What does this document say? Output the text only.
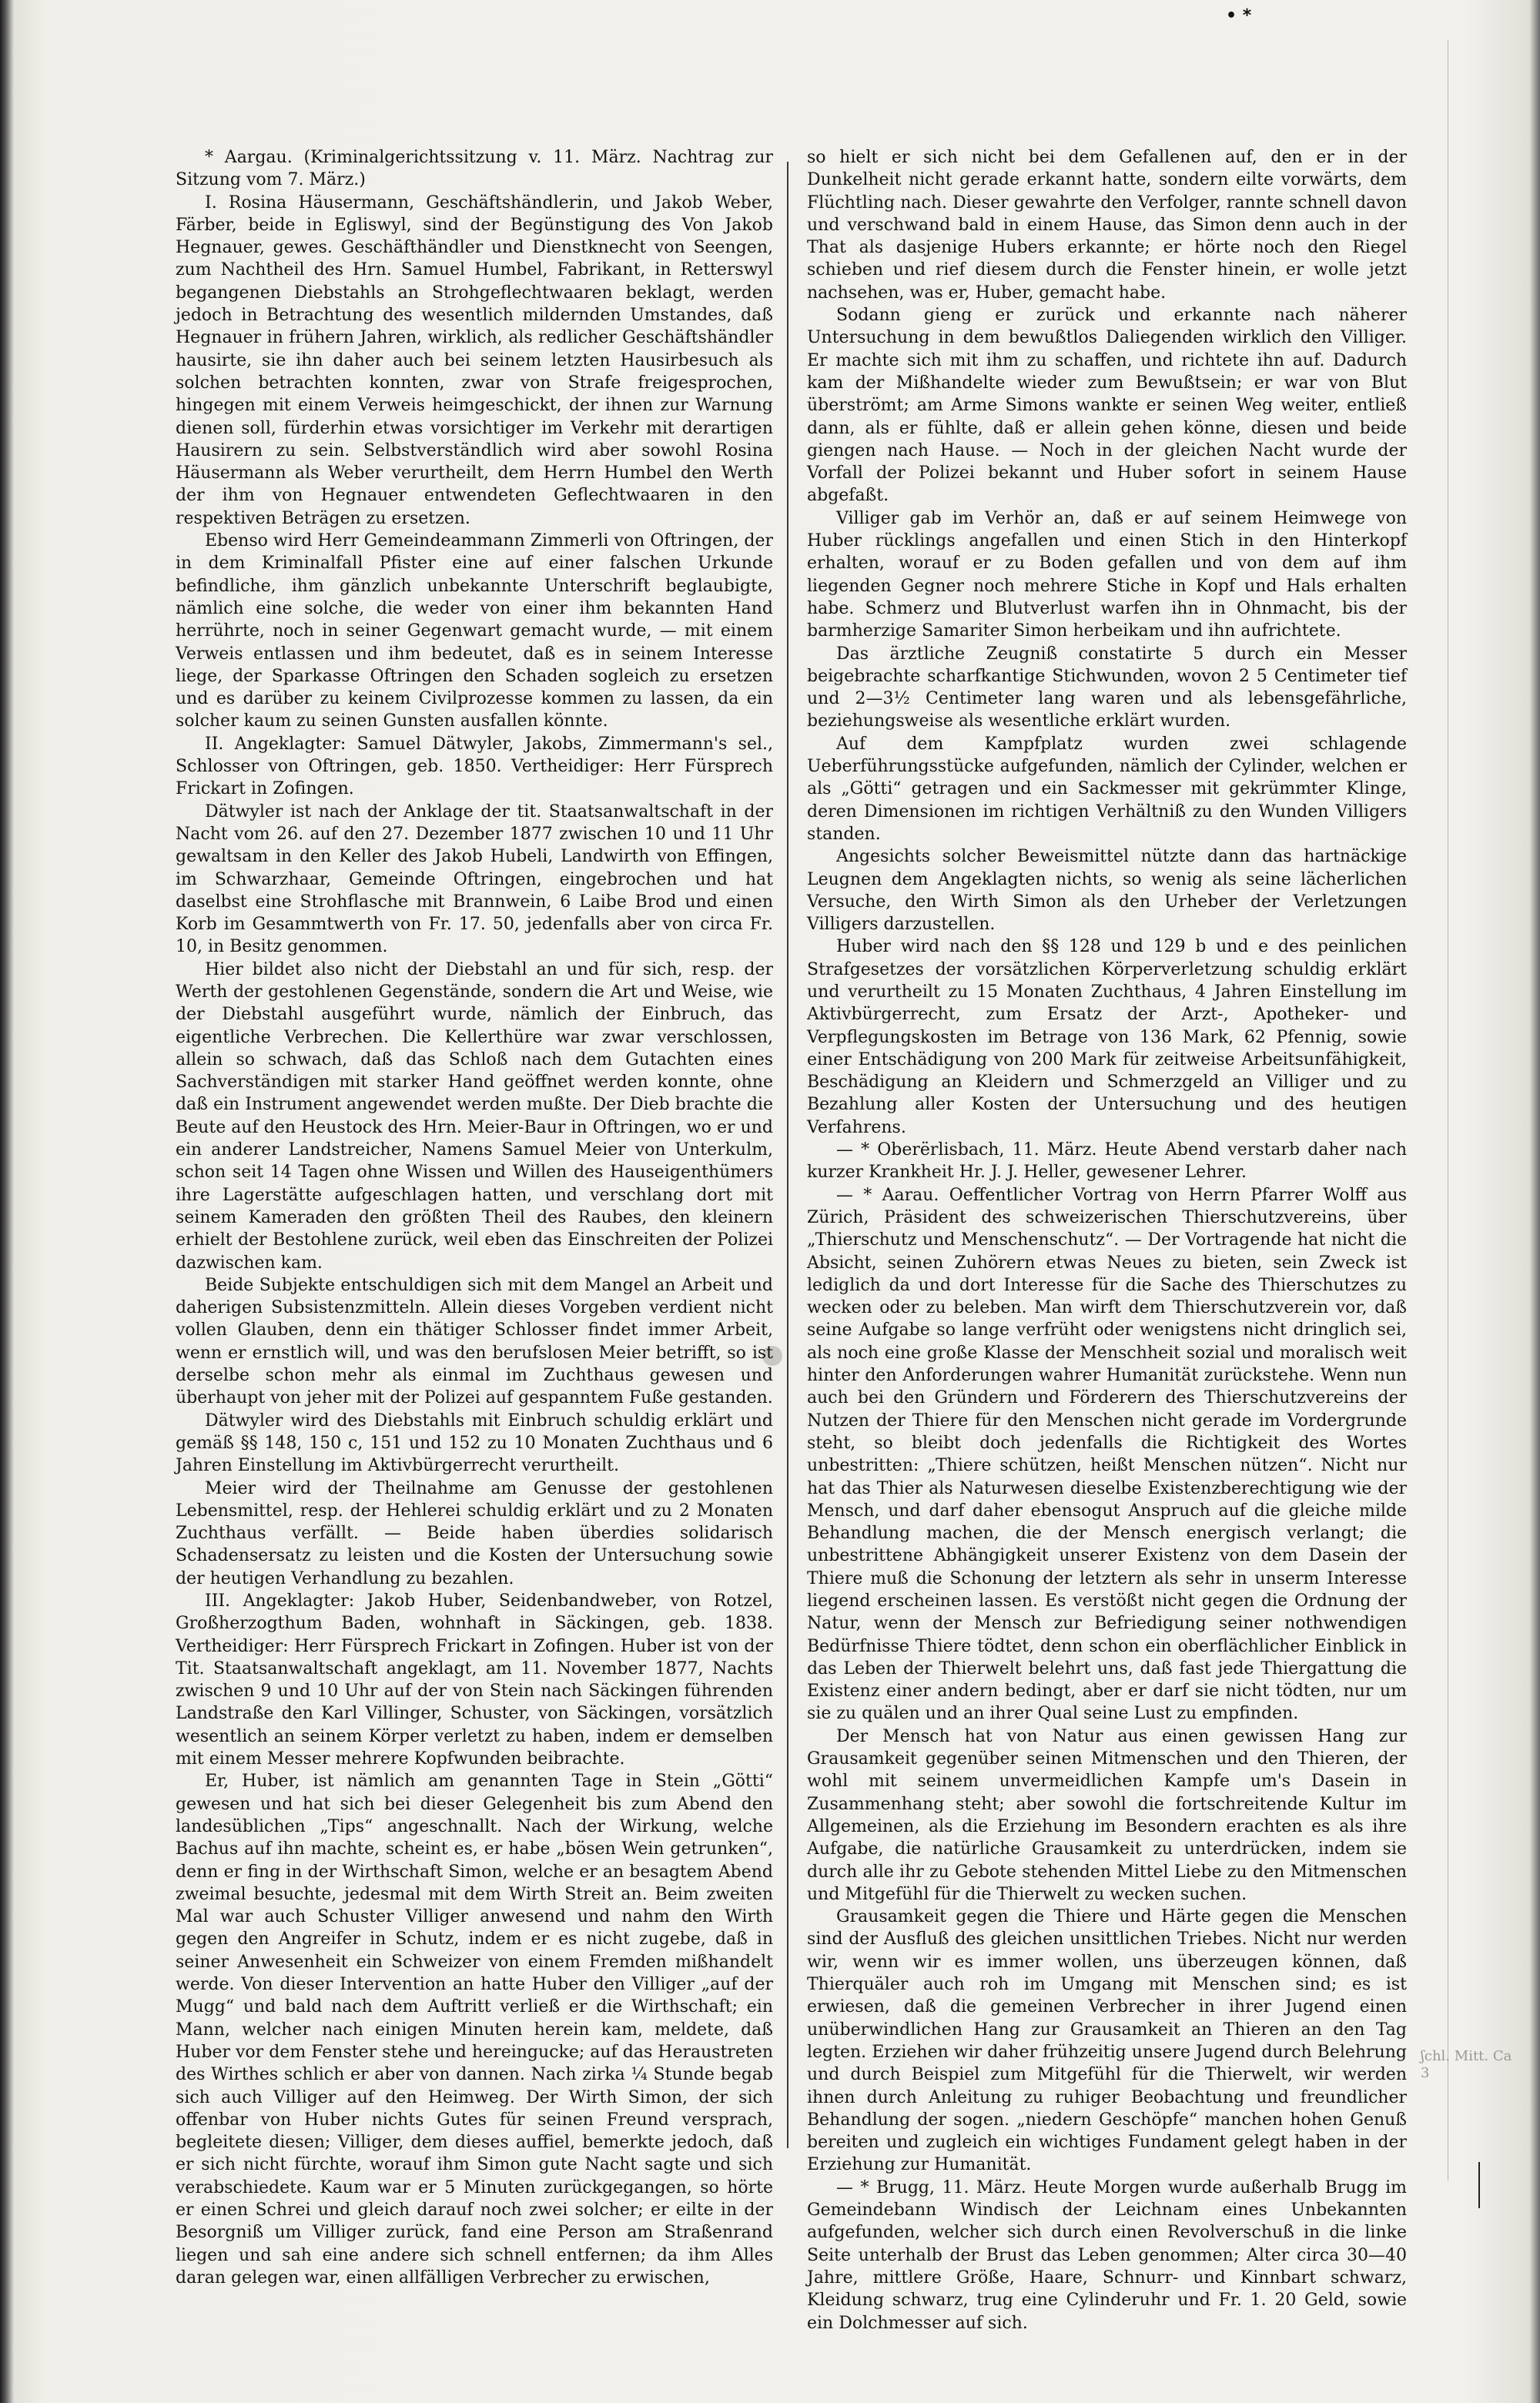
• *
ʃchl. Mitt. Ca 3

* Aargau. (Kriminalgerichtssitzung v. 11. März. Nachtrag zur Sitzung vom 7. März.)

I. Rosina Häusermann, Geschäftshändlerin, und Jakob Weber, Färber, beide in Egliswyl, sind der Begünstigung des Von Jakob Hegnauer, gewes. Geschäfthändler und Dienstknecht von Seengen, zum Nachtheil des Hrn. Samuel Humbel, Fabrikant, in Retterswyl begangenen Diebstahls an Strohgeflechtwaaren beklagt, werden jedoch in Betrachtung des wesentlich mildernden Umstandes, daß Hegnauer in frühern Jahren, wirklich, als redlicher Geschäftshändler hausirte, sie ihn daher auch bei seinem letzten Hausirbesuch als solchen betrachten konnten, zwar von Strafe freigesprochen, hingegen mit einem Verweis heimgeschickt, der ihnen zur Warnung dienen soll, fürderhin etwas vorsichtiger im Verkehr mit derartigen Hausirern zu sein. Selbstverständlich wird aber sowohl Rosina Häusermann als Weber verurtheilt, dem Herrn Humbel den Werth der ihm von Hegnauer entwendeten Geflechtwaaren in den respektiven Beträgen zu ersetzen.

Ebenso wird Herr Gemeindeammann Zimmerli von Oftringen, der in dem Kriminalfall Pfister eine auf einer falschen Urkunde befindliche, ihm gänzlich unbekannte Unterschrift beglaubigte, nämlich eine solche, die weder von einer ihm bekannten Hand herrührte, noch in seiner Gegenwart gemacht wurde, — mit einem Verweis entlassen und ihm bedeutet, daß es in seinem Interesse liege, der Sparkasse Oftringen den Schaden sogleich zu ersetzen und es darüber zu keinem Civilprozesse kommen zu lassen, da ein solcher kaum zu seinen Gunsten ausfallen könnte.

II. Angeklagter: Samuel Dätwyler, Jakobs, Zimmermann's sel., Schlosser von Oftringen, geb. 1850. Vertheidiger: Herr Fürsprech Frickart in Zofingen.

Dätwyler ist nach der Anklage der tit. Staatsanwaltschaft in der Nacht vom 26. auf den 27. Dezember 1877 zwischen 10 und 11 Uhr gewaltsam in den Keller des Jakob Hubeli, Landwirth von Effingen, im Schwarzhaar, Gemeinde Oftringen, eingebrochen und hat daselbst eine Strohflasche mit Brannwein, 6 Laibe Brod und einen Korb im Gesammtwerth von Fr. 17. 50, jedenfalls aber von circa Fr. 10, in Besitz genommen.

Hier bildet also nicht der Diebstahl an und für sich, resp. der Werth der gestohlenen Gegenstände, sondern die Art und Weise, wie der Diebstahl ausgeführt wurde, nämlich der Einbruch, das eigentliche Verbrechen. Die Kellerthüre war zwar verschlossen, allein so schwach, daß das Schloß nach dem Gutachten eines Sachverständigen mit starker Hand geöffnet werden konnte, ohne daß ein Instrument angewendet werden mußte. Der Dieb brachte die Beute auf den Heustock des Hrn. Meier-Baur in Oftringen, wo er und ein anderer Landstreicher, Namens Samuel Meier von Unterkulm, schon seit 14 Tagen ohne Wissen und Willen des Hauseigenthümers ihre Lagerstätte aufgeschlagen hatten, und verschlang dort mit seinem Kameraden den größten Theil des Raubes, den kleinern erhielt der Bestohlene zurück, weil eben das Einschreiten der Polizei dazwischen kam.

Beide Subjekte entschuldigen sich mit dem Mangel an Arbeit und daherigen Subsistenzmitteln. Allein dieses Vorgeben verdient nicht vollen Glauben, denn ein thätiger Schlosser findet immer Arbeit, wenn er ernstlich will, und was den berufslosen Meier betrifft, so ist derselbe schon mehr als einmal im Zuchthaus gewesen und überhaupt von jeher mit der Polizei auf gespanntem Fuße gestanden.

Dätwyler wird des Diebstahls mit Einbruch schuldig erklärt und gemäß §§ 148, 150 c, 151 und 152 zu 10 Monaten Zuchthaus und 6 Jahren Einstellung im Aktivbürgerrecht verurtheilt.

Meier wird der Theilnahme am Genusse der gestohlenen Lebensmittel, resp. der Hehlerei schuldig erklärt und zu 2 Monaten Zuchthaus verfällt. — Beide haben überdies solidarisch Schadensersatz zu leisten und die Kosten der Untersuchung sowie der heutigen Verhandlung zu bezahlen.

III. Angeklagter: Jakob Huber, Seidenbandweber, von Rotzel, Großherzogthum Baden, wohnhaft in Säckingen, geb. 1838. Vertheidiger: Herr Fürsprech Frickart in Zofingen. Huber ist von der Tit. Staatsanwaltschaft angeklagt, am 11. November 1877, Nachts zwischen 9 und 10 Uhr auf der von Stein nach Säckingen führenden Landstraße den Karl Villinger, Schuster, von Säckingen, vorsätzlich wesentlich an seinem Körper verletzt zu haben, indem er demselben mit einem Messer mehrere Kopfwunden beibrachte.

Er, Huber, ist nämlich am genannten Tage in Stein „Götti“ gewesen und hat sich bei dieser Gelegenheit bis zum Abend den landesüblichen „Tips“ angeschnallt. Nach der Wirkung, welche Bachus auf ihn machte, scheint es, er habe „bösen Wein getrunken“, denn er fing in der Wirthschaft Simon, welche er an besagtem Abend zweimal besuchte, jedesmal mit dem Wirth Streit an. Beim zweiten Mal war auch Schuster Villiger anwesend und nahm den Wirth gegen den Angreifer in Schutz, indem er es nicht zugebe, daß in seiner Anwesenheit ein Schweizer von einem Fremden mißhandelt werde. Von dieser Intervention an hatte Huber den Villiger „auf der Mugg“ und bald nach dem Auftritt verließ er die Wirthschaft; ein Mann, welcher nach einigen Minuten herein kam, meldete, daß Huber vor dem Fenster stehe und hereingucke; auf das Heraustreten des Wirthes schlich er aber von dannen. Nach zirka ¼ Stunde begab sich auch Villiger auf den Heimweg. Der Wirth Simon, der sich offenbar von Huber nichts Gutes für seinen Freund versprach, begleitete diesen; Villiger, dem dieses auffiel, bemerkte jedoch, daß er sich nicht fürchte, worauf ihm Simon gute Nacht sagte und sich verabschiedete. Kaum war er 5 Minuten zurückgegangen, so hörte er einen Schrei und gleich darauf noch zwei solcher; er eilte in der Besorgniß um Villiger zurück, fand eine Person am Straßenrand liegen und sah eine andere sich schnell entfernen; da ihm Alles daran gelegen war, einen allfälligen Verbrecher zu erwischen,

so hielt er sich nicht bei dem Gefallenen auf, den er in der Dunkelheit nicht gerade erkannt hatte, sondern eilte vorwärts, dem Flüchtling nach. Dieser gewahrte den Verfolger, rannte schnell davon und verschwand bald in einem Hause, das Simon denn auch in der That als dasjenige Hubers erkannte; er hörte noch den Riegel schieben und rief diesem durch die Fenster hinein, er wolle jetzt nachsehen, was er, Huber, gemacht habe.

Sodann gieng er zurück und erkannte nach näherer Untersuchung in dem bewußtlos Daliegenden wirklich den Villiger. Er machte sich mit ihm zu schaffen, und richtete ihn auf. Dadurch kam der Mißhandelte wieder zum Bewußtsein; er war von Blut überströmt; am Arme Simons wankte er seinen Weg weiter, entließ dann, als er fühlte, daß er allein gehen könne, diesen und beide giengen nach Hause. — Noch in der gleichen Nacht wurde der Vorfall der Polizei bekannt und Huber sofort in seinem Hause abgefaßt.

Villiger gab im Verhör an, daß er auf seinem Heimwege von Huber rücklings angefallen und einen Stich in den Hinterkopf erhalten, worauf er zu Boden gefallen und von dem auf ihm liegenden Gegner noch mehrere Stiche in Kopf und Hals erhalten habe. Schmerz und Blutverlust warfen ihn in Ohnmacht, bis der barmherzige Samariter Simon herbeikam und ihn aufrichtete.

Das ärztliche Zeugniß constatirte 5 durch ein Messer beigebrachte scharfkantige Stichwunden, wovon 2 5 Centimeter tief und 2—3½ Centimeter lang waren und als lebensgefährliche, beziehungsweise als wesentliche erklärt wurden.

Auf dem Kampfplatz wurden zwei schlagende Ueberführungsstücke aufgefunden, nämlich der Cylinder, welchen er als „Götti“ getragen und ein Sackmesser mit gekrümmter Klinge, deren Dimensionen im richtigen Verhältniß zu den Wunden Villigers standen.

Angesichts solcher Beweismittel nützte dann das hartnäckige Leugnen dem Angeklagten nichts, so wenig als seine lächerlichen Versuche, den Wirth Simon als den Urheber der Verletzungen Villigers darzustellen.

Huber wird nach den §§ 128 und 129 b und e des peinlichen Strafgesetzes der vorsätzlichen Körperverletzung schuldig erklärt und verurtheilt zu 15 Monaten Zuchthaus, 4 Jahren Einstellung im Aktivbürgerrecht, zum Ersatz der Arzt-, Apotheker- und Verpflegungskosten im Betrage von 136 Mark, 62 Pfennig, sowie einer Entschädigung von 200 Mark für zeitweise Arbeitsunfähigkeit, Beschädigung an Kleidern und Schmerzgeld an Villiger und zu Bezahlung aller Kosten der Untersuchung und des heutigen Verfahrens.

— * Oberërlisbach, 11. März. Heute Abend verstarb daher nach kurzer Krankheit Hr. J. J. Heller, gewesener Lehrer.

— * Aarau. Oeffentlicher Vortrag von Herrn Pfarrer Wolff aus Zürich, Präsident des schweizerischen Thierschutzvereins, über „Thierschutz und Menschenschutz“. — Der Vortragende hat nicht die Absicht, seinen Zuhörern etwas Neues zu bieten, sein Zweck ist lediglich da und dort Interesse für die Sache des Thierschutzes zu wecken oder zu beleben. Man wirft dem Thierschutzverein vor, daß seine Aufgabe so lange verfrüht oder wenigstens nicht dringlich sei, als noch eine große Klasse der Menschheit sozial und moralisch weit hinter den Anforderungen wahrer Humanität zurückstehe. Wenn nun auch bei den Gründern und Förderern des Thierschutzvereins der Nutzen der Thiere für den Menschen nicht gerade im Vordergrunde steht, so bleibt doch jedenfalls die Richtigkeit des Wortes unbestritten: „Thiere schützen, heißt Menschen nützen“. Nicht nur hat das Thier als Naturwesen dieselbe Existenzberechtigung wie der Mensch, und darf daher ebensogut Anspruch auf die gleiche milde Behandlung machen, die der Mensch energisch verlangt; die unbestrittene Abhängigkeit unserer Existenz von dem Dasein der Thiere muß die Schonung der letztern als sehr in unserm Interesse liegend erscheinen lassen. Es verstößt nicht gegen die Ordnung der Natur, wenn der Mensch zur Befriedigung seiner nothwendigen Bedürfnisse Thiere tödtet, denn schon ein oberflächlicher Einblick in das Leben der Thierwelt belehrt uns, daß fast jede Thiergattung die Existenz einer andern bedingt, aber er darf sie nicht tödten, nur um sie zu quälen und an ihrer Qual seine Lust zu empfinden.

Der Mensch hat von Natur aus einen gewissen Hang zur Grausamkeit gegenüber seinen Mitmenschen und den Thieren, der wohl mit seinem unvermeidlichen Kampfe um's Dasein in Zusammenhang steht; aber sowohl die fortschreitende Kultur im Allgemeinen, als die Erziehung im Besondern erachten es als ihre Aufgabe, die natürliche Grausamkeit zu unterdrücken, indem sie durch alle ihr zu Gebote stehenden Mittel Liebe zu den Mitmenschen und Mitgefühl für die Thierwelt zu wecken suchen.

Grausamkeit gegen die Thiere und Härte gegen die Menschen sind der Ausfluß des gleichen unsittlichen Triebes. Nicht nur werden wir, wenn wir es immer wollen, uns überzeugen können, daß Thierquäler auch roh im Umgang mit Menschen sind; es ist erwiesen, daß die gemeinen Verbrecher in ihrer Jugend einen unüberwindlichen Hang zur Grausamkeit an Thieren an den Tag legten. Erziehen wir daher frühzeitig unsere Jugend durch Belehrung und durch Beispiel zum Mitgefühl für die Thierwelt, wir werden ihnen durch Anleitung zu ruhiger Beobachtung und freundlicher Behandlung der sogen. „niedern Geschöpfe“ manchen hohen Genuß bereiten und zugleich ein wichtiges Fundament gelegt haben in der Erziehung zur Humanität.

— * Brugg, 11. März. Heute Morgen wurde außerhalb Brugg im Gemeindebann Windisch der Leichnam eines Unbekannten aufgefunden, welcher sich durch einen Revolverschuß in die linke Seite unterhalb der Brust das Leben genommen; Alter circa 30—40 Jahre, mittlere Größe, Haare, Schnurr- und Kinnbart schwarz, Kleidung schwarz, trug eine Cylinderuhr und Fr. 1. 20 Geld, sowie ein Dolchmesser auf sich.
